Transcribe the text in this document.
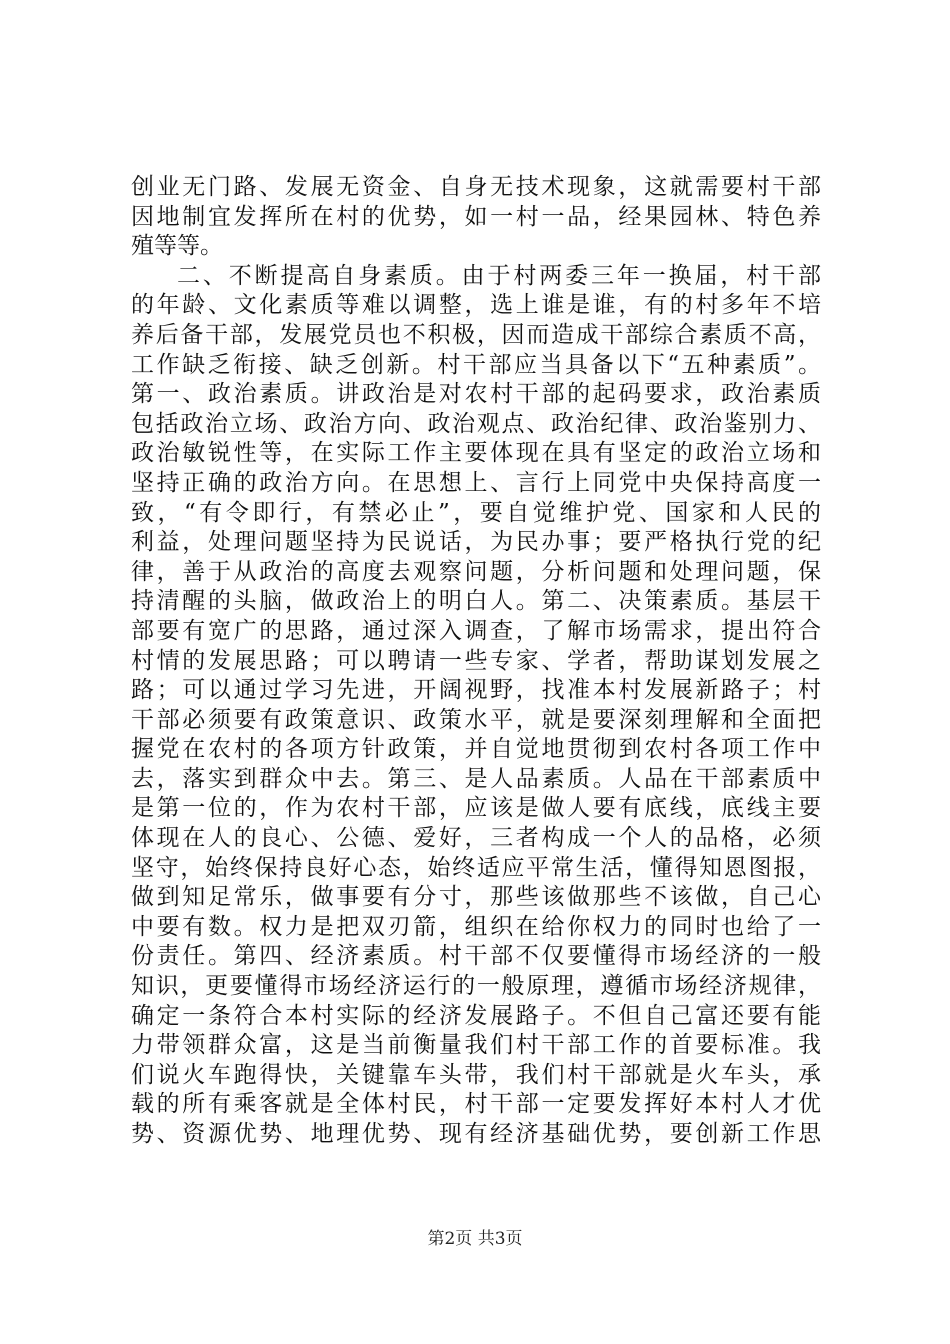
创业无门路、发展无资金、自身无技术现象，这就需要村干部
因地制宜发挥所在村的优势，如一村一品，经果园林、特色养
殖等等。
二、不断提高自身素质。由于村两委三年一换届，村干部
的年龄、文化素质等难以调整，选上谁是谁，有的村多年不培
养后备干部，发展党员也不积极，因而造成干部综合素质不高，
工作缺乏衔接、缺乏创新。村干部应当具备以下“五种素质”。
第一、政治素质。讲政治是对农村干部的起码要求，政治素质
包括政治立场、政治方向、政治观点、政治纪律、政治鉴别力、
政治敏锐性等，在实际工作主要体现在具有坚定的政治立场和
坚持正确的政治方向。在思想上、言行上同党中央保持高度一
致，“有令即行，有禁必止”，要自觉维护党、国家和人民的
利益，处理问题坚持为民说话，为民办事；要严格执行党的纪
律，善于从政治的高度去观察问题，分析问题和处理问题，保
持清醒的头脑，做政治上的明白人。第二、决策素质。基层干
部要有宽广的思路，通过深入调查，了解市场需求，提出符合
村情的发展思路；可以聘请一些专家、学者，帮助谋划发展之
路；可以通过学习先进，开阔视野，找准本村发展新路子；村
干部必须要有政策意识、政策水平，就是要深刻理解和全面把
握党在农村的各项方针政策，并自觉地贯彻到农村各项工作中
去，落实到群众中去。第三、是人品素质。人品在干部素质中
是第一位的，作为农村干部，应该是做人要有底线，底线主要
体现在人的良心、公德、爱好，三者构成一个人的品格，必须
坚守，始终保持良好心态，始终适应平常生活，懂得知恩图报，
做到知足常乐，做事要有分寸，那些该做那些不该做，自己心
中要有数。权力是把双刃箭，组织在给你权力的同时也给了一
份责任。第四、经济素质。村干部不仅要懂得市场经济的一般
知识，更要懂得市场经济运行的一般原理，遵循市场经济规律，
确定一条符合本村实际的经济发展路子。不但自己富还要有能
力带领群众富，这是当前衡量我们村干部工作的首要标准。我
们说火车跑得快，关键靠车头带，我们村干部就是火车头，承
载的所有乘客就是全体村民，村干部一定要发挥好本村人才优
势、资源优势、地理优势、现有经济基础优势，要创新工作思
第2页 共3页
